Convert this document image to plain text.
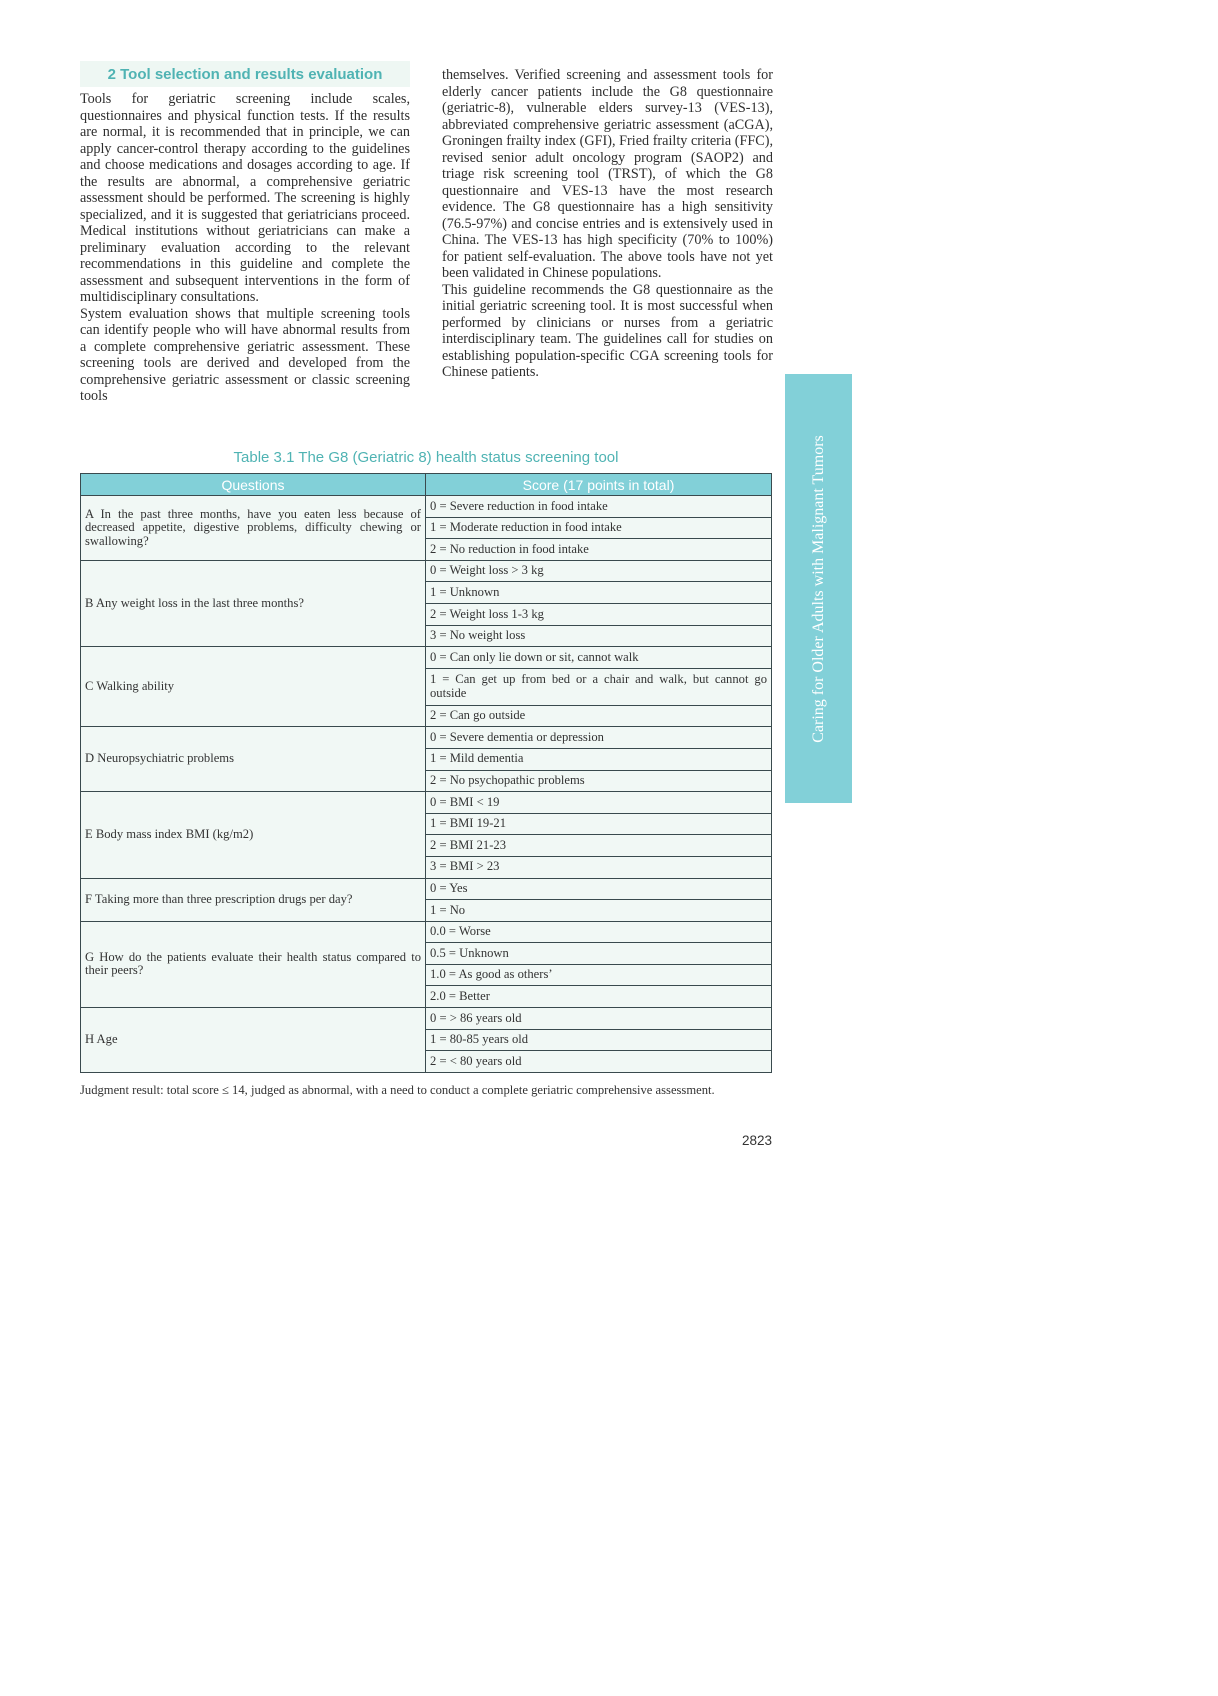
2 Tool selection and results evaluation

Tools for geriatric screening include scales, questionnaires and physical function tests. If the results are normal, it is recommended that in principle, we can apply cancer-control therapy according to the guidelines and choose medications and dosages according to age. If the results are abnormal, a comprehensive geriatric assessment should be performed. The screening is highly specialized, and it is suggested that geriatricians proceed. Medical institutions without geriatricians can make a preliminary evaluation according to the relevant recommendations in this guideline and complete the assessment and subsequent interventions in the form of multidisciplinary consultations.

System evaluation shows that multiple screening tools can identify people who will have abnormal results from a complete comprehensive geriatric assessment. These screening tools are derived and developed from the comprehensive geriatric assessment or classic screening tools

themselves. Verified screening and assessment tools for elderly cancer patients include the G8 questionnaire (geriatric-8), vulnerable elders survey-13 (VES-13), abbreviated comprehensive geriatric assessment (aCGA), Groningen frailty index (GFI), Fried frailty criteria (FFC), revised senior adult oncology program (SAOP2) and triage risk screening tool (TRST), of which the G8 questionnaire and VES-13 have the most research evidence. The G8 questionnaire has a high sensitivity (76.5-97%) and concise entries and is extensively used in China. The VES-13 has high specificity (70% to 100%) for patient self-evaluation. The above tools have not yet been validated in Chinese populations.

This guideline recommends the G8 questionnaire as the initial geriatric screening tool. It is most successful when performed by clinicians or nurses from a geriatric interdisciplinary team. The guidelines call for studies on establishing population-specific CGA screening tools for Chinese patients.

Table 3.1 The G8 (Geriatric 8) health status screening tool
Questions	Score (17 points in total)
A In the past three months, have you eaten less because of decreased appetite, digestive problems, difficulty chewing or swallowing?	0 = Severe reduction in food intake
	1 = Moderate reduction in food intake
	2 = No reduction in food intake
B Any weight loss in the last three months?	0 = Weight loss > 3 kg
	1 = Unknown
	2 = Weight loss 1-3 kg
	3 = No weight loss
C Walking ability	0 = Can only lie down or sit, cannot walk
	1 = Can get up from bed or a chair and walk, but cannot go outside
	2 = Can go outside
D Neuropsychiatric problems	0 = Severe dementia or depression
	1 = Mild dementia
	2 = No psychopathic problems
E Body mass index BMI (kg/m2)	0 = BMI < 19
	1 = BMI 19-21
	2 = BMI 21-23
	3 = BMI > 23
F Taking more than three prescription drugs per day?	0 = Yes
	1 = No
G How do the patients evaluate their health status compared to their peers?	0.0 = Worse
	0.5 = Unknown
	1.0 = As good as others’
	2.0 = Better
H Age	0 = > 86 years old
	1 = 80-85 years old
	2 = < 80 years old
Judgment result: total score ≤ 14, judged as abnormal, with a need to conduct a complete geriatric comprehensive assessment.
2823
Caring for Older Adults with Malignant Tumors
